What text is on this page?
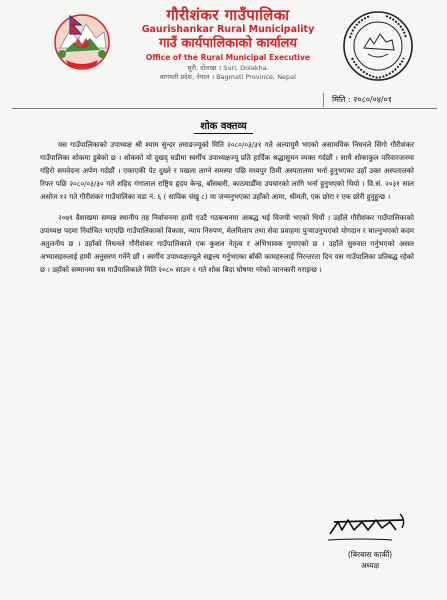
गौरीशंकर गाउँपालिका
Gaurishankar Rural Municipality
गाउँ कार्यपालिकाको कार्यालय
Office of the Rural Municipal Executive
सुरी, दोलखा । Suri, Dolakha.
बागमती प्रदेश, नेपाल । Bagmati Province, Nepal
मिति : २०८०/०४/०१
शोक वक्तव्य

यस गाउँपालिकाको उपाध्यक्ष श्री श्याम सुन्दर तमाङज्यूको मिति २०८०/०३/३१ गते अल्पायुमै भएको असामयिक निधनले सिंगो गौरीशंकर गाउँपालिका शोकमा डुबेको छ । शोकको यो दुखद् घडीमा स्वर्गीय उपाध्यक्षज्यू प्रति हार्दिक श्रद्धासुमन व्यक्त गर्दछौं । साथै शोकाकुल परिवारजनमा गहिरो समवेदना अर्पण गर्दछौं । एकाएकी पेट दुख्ने र पखला लाग्ने समस्या पछि मध्यपुर ठिमी अस्पतालमा भर्ना हुनुभएका उहाँ उक्त अस्पतालको रिफर पछि २०८०/०३/३० गते शहिद गंगालाल राष्ट्रिय हृदय केन्द्र, बाँसबारी, काठमाडौँमा उपचारको लागि भर्ना हुनुभएको थियो । वि.सं. २०३१ साल असोज १२ गते गौरीशंकर गाउँपालिका वडा नं. ६ ( साविक चंखु ८) मा जन्मनुभएका उहाँको आमा, श्रीमती, एक छोरा र एक छोरी हुनुहुन्छ ।

२०७९ वैशाखमा सम्पन्न स्थानीय तह निर्वाचनमा हामी एउटै गठबन्धनमा आबद्ध भई विजयी भएको थियौं । उहाँले गौरीशंकर गाउँपालिकाको उपाध्यक्ष पदमा निर्वाचित भएपछि गाउँपालिकाको विकास, न्याय निरुपण, मेलमिलाप तथा सेवा प्रवाहमा पुऱ्याउनुभएको योगदान र चाल्नुभएको कदम अतुलनीय छ । उहाँको निधनले गौरीशंकर गाउँपालिकाले एक कुशल नेतृत्व र अभिभावक गुमाएको छ । उहाँले सुरुवात गर्नुभएको असल अभ्यासहरुलाई हामी अनुसरण गर्नेनै छौं । स्वर्गीय उपाध्यक्षज्यूले सङ्कल्प गर्नुभएका बाँकी कामहरुलाई निरन्तरता दिन यस गाउँपालिका प्रतिबद्ध रहेको छ । उहाँको सम्मानमा यस गाउँपालिकाले मिति २०८० साउन २ गते शोक बिदा घोषणा गरेको जानकारी गराइन्छ ।

(बिरबास कार्की)
अध्यक्ष
